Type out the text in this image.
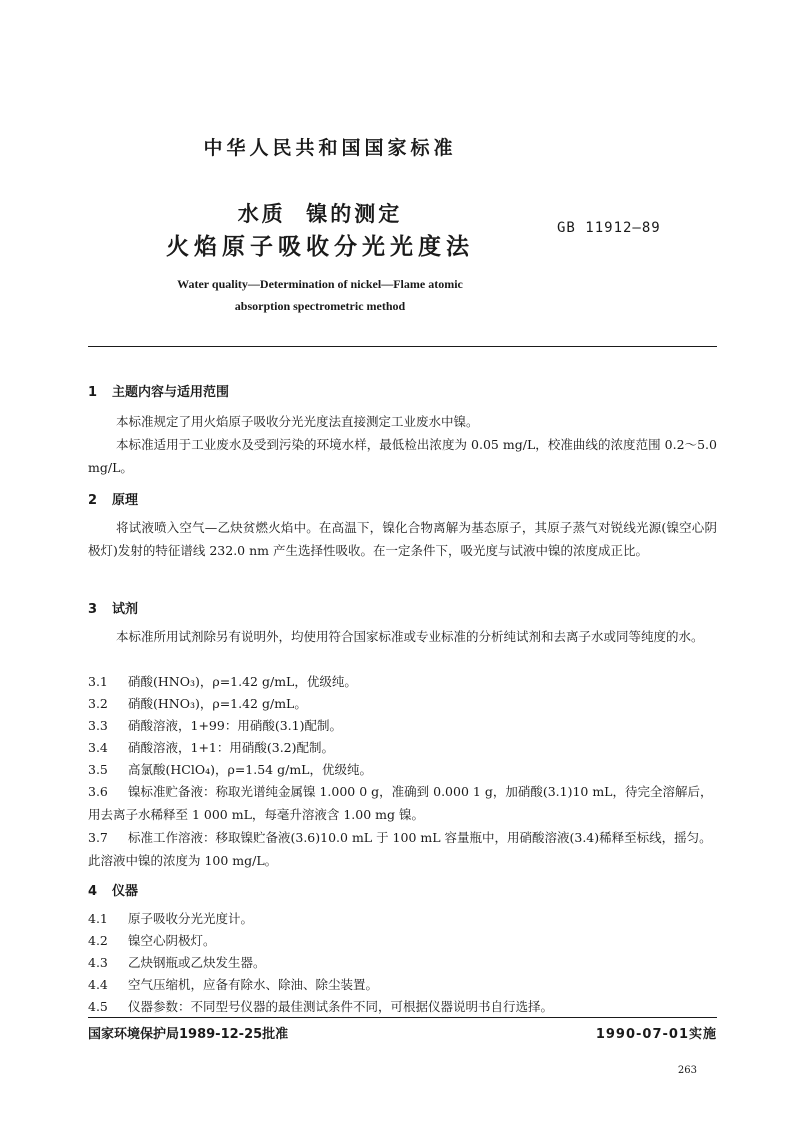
中华人民共和国国家标准
水质  镍的测定
火焰原子吸收分光光度法
GB 11912—89
Water quality—Determination of nickel—Flame atomic
absorption spectrometric method
1 主题内容与适用范围
本标准规定了用火焰原子吸收分光光度法直接测定工业废水中镍。
本标准适用于工业废水及受到污染的环境水样，最低检出浓度为 0.05 mg/L，校准曲线的浓度范围 0.2～5.0 mg/L。
2 原理
将试液喷入空气—乙炔贫燃火焰中。在高温下，镍化合物离解为基态原子，其原子蒸气对锐线光源(镍空心阴极灯)发射的特征谱线 232.0 nm 产生选择性吸收。在一定条件下，吸光度与试液中镍的浓度成正比。
3 试剂
本标准所用试剂除另有说明外，均使用符合国家标准或专业标准的分析纯试剂和去离子水或同等纯度的水。
3.1 硝酸(HNO₃)，ρ=1.42 g/mL，优级纯。
3.2 硝酸(HNO₃)，ρ=1.42 g/mL。
3.3 硝酸溶液，1+99：用硝酸(3.1)配制。
3.4 硝酸溶液，1+1：用硝酸(3.2)配制。
3.5 高氯酸(HClO₄)，ρ=1.54 g/mL，优级纯。
3.6 镍标准贮备液：称取光谱纯金属镍 1.000 0 g，准确到 0.000 1 g，加硝酸(3.1)10 mL，待完全溶解后，用去离子水稀释至 1 000 mL，每毫升溶液含 1.00 mg 镍。
3.7 标准工作溶液：移取镍贮备液(3.6)10.0 mL 于 100 mL 容量瓶中，用硝酸溶液(3.4)稀释至标线，摇匀。此溶液中镍的浓度为 100 mg/L。
4 仪器
4.1 原子吸收分光光度计。
4.2 镍空心阴极灯。
4.3 乙炔钢瓶或乙炔发生器。
4.4 空气压缩机，应备有除水、除油、除尘装置。
4.5 仪器参数：不同型号仪器的最佳测试条件不同，可根据仪器说明书自行选择。
国家环境保护局1989-12-25批准	1990-07-01实施
263
